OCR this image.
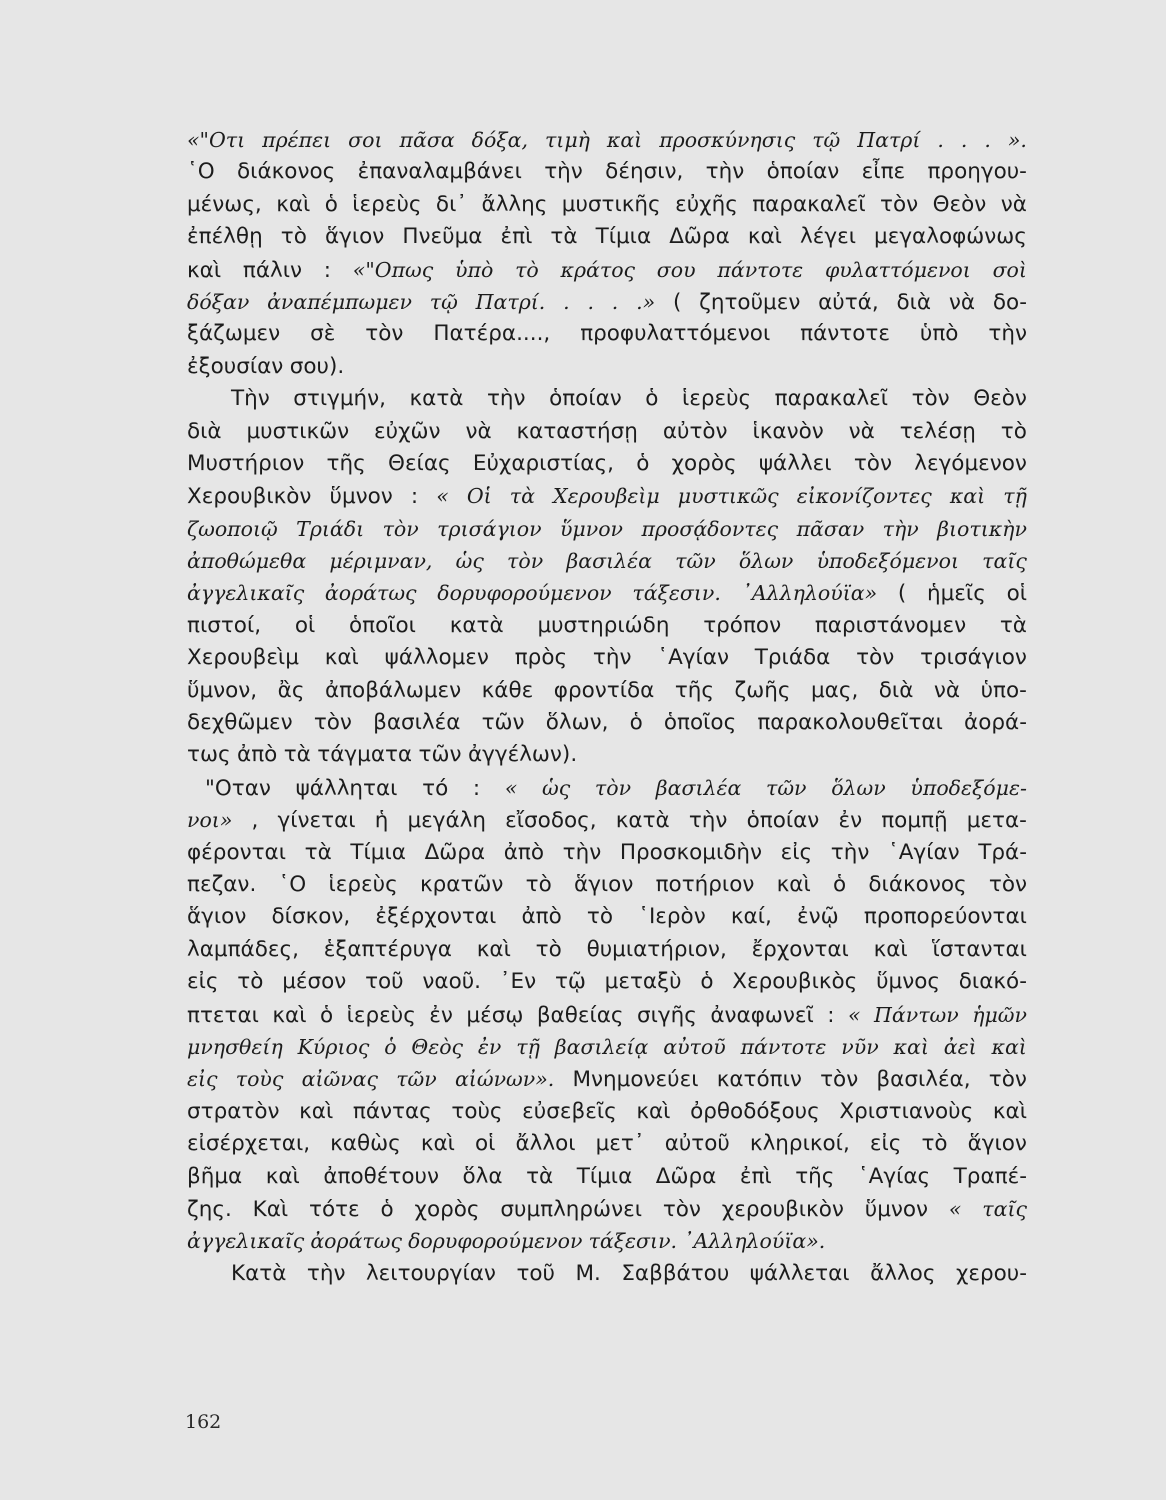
«"Οτι πρέπει σοι πᾶσα δόξα, τιμὴ καὶ προσκύνησις τῷ Πατρί . . . ».
῾Ο διάκονος ἐπαναλαμβάνει τὴν δέησιν, τὴν ὁποίαν εἶπε προηγου-
μένως, καὶ ὁ ἱερεὺς δι᾽ ἄλλης μυστικῆς εὐχῆς παρακαλεῖ τὸν Θεὸν νὰ
ἐπέλθῃ τὸ ἅγιον Πνεῦμα ἐπὶ τὰ Τίμια Δῶρα καὶ λέγει μεγαλοφώνως
καὶ πάλιν : «"Οπως ὑπὸ τὸ κράτος σου πάντοτε φυλαττόμενοι σοὶ
δόξαν ἀναπέμπωμεν τῷ Πατρί. . . . .» ( ζητοῦμεν αὐτά, διὰ νὰ δο-
ξάζωμεν σὲ τὸν Πατέρα...., προφυλαττόμενοι πάντοτε ὑπὸ τὴν
ἐξουσίαν σου).
Τὴν στιγμήν, κατὰ τὴν ὁποίαν ὁ ἱερεὺς παρακαλεῖ τὸν Θεὸν
διὰ μυστικῶν εὐχῶν νὰ καταστήσῃ αὐτὸν ἱκανὸν νὰ τελέσῃ τὸ
Μυστήριον τῆς Θείας Εὐχαριστίας, ὁ χορὸς ψάλλει τὸν λεγόμενον
Χερουβικὸν ὕμνον : « Οἱ τὰ Χερουβεὶμ μυστικῶς εἰκονίζοντες καὶ τῇ
ζωοποιῷ Τριάδι τὸν τρισάγιον ὕμνον προσᾴδοντες πᾶσαν τὴν βιοτικὴν
ἀποθώμεθα μέριμναν, ὡς τὸν βασιλέα τῶν ὅλων ὑποδεξόμενοι ταῖς
ἀγγελικαῖς ἀοράτως δορυφορούμενον τάξεσιν. ᾽Αλληλούϊα» ( ἡμεῖς οἱ
πιστοί, οἱ ὁποῖοι κατὰ μυστηριώδη τρόπον παριστάνομεν τὰ
Χερουβεὶμ καὶ ψάλλομεν πρὸς τὴν ῾Αγίαν Τριάδα τὸν τρισάγιον
ὕμνον, ἂς ἀποβάλωμεν κάθε φροντίδα τῆς ζωῆς μας, διὰ νὰ ὑπο-
δεχθῶμεν τὸν βασιλέα τῶν ὅλων, ὁ ὁποῖος παρακολουθεῖται ἀορά-
τως ἀπὸ τὰ τάγματα τῶν ἀγγέλων).
"Οταν ψάλληται τό : « ὡς τὸν βασιλέα τῶν ὅλων ὑποδεξόμε-
νοι» , γίνεται ἡ μεγάλη εἴσοδος, κατὰ τὴν ὁποίαν ἐν πομπῇ μετα-
φέρονται τὰ Τίμια Δῶρα ἀπὸ τὴν Προσκομιδὴν εἰς τὴν ῾Αγίαν Τρά-
πεζαν. ῾Ο ἱερεὺς κρατῶν τὸ ἅγιον ποτήριον καὶ ὁ διάκονος τὸν
ἅγιον δίσκον, ἐξέρχονται ἀπὸ τὸ ῾Ιερὸν καί, ἐνῷ προπορεύονται
λαμπάδες, ἑξαπτέρυγα καὶ τὸ θυμιατήριον, ἔρχονται καὶ ἵστανται
εἰς τὸ μέσον τοῦ ναοῦ. ᾽Εν τῷ μεταξὺ ὁ Χερουβικὸς ὕμνος διακό-
πτεται καὶ ὁ ἱερεὺς ἐν μέσῳ βαθείας σιγῆς ἀναφωνεῖ : « Πάντων ἡμῶν
μνησθείη Κύριος ὁ Θεὸς ἐν τῇ βασιλείᾳ αὐτοῦ πάντοτε νῦν καὶ ἀεὶ καὶ
εἰς τοὺς αἰῶνας τῶν αἰώνων». Μνημονεύει κατόπιν τὸν βασιλέα, τὸν
στρατὸν καὶ πάντας τοὺς εὐσεβεῖς καὶ ὀρθοδόξους Χριστιανοὺς καὶ
εἰσέρχεται, καθὼς καὶ οἱ ἄλλοι μετ᾽ αὐτοῦ κληρικοί, εἰς τὸ ἅγιον
βῆμα καὶ ἀποθέτουν ὅλα τὰ Τίμια Δῶρα ἐπὶ τῆς ῾Αγίας Τραπέ-
ζης. Καὶ τότε ὁ χορὸς συμπληρώνει τὸν χερουβικὸν ὕμνον « ταῖς
ἀγγελικαῖς ἀοράτως δορυφορούμενον τάξεσιν. ᾽Αλληλούϊα».
Κατὰ τὴν λειτουργίαν τοῦ Μ. Σαββάτου ψάλλεται ἄλλος χερου-
162
